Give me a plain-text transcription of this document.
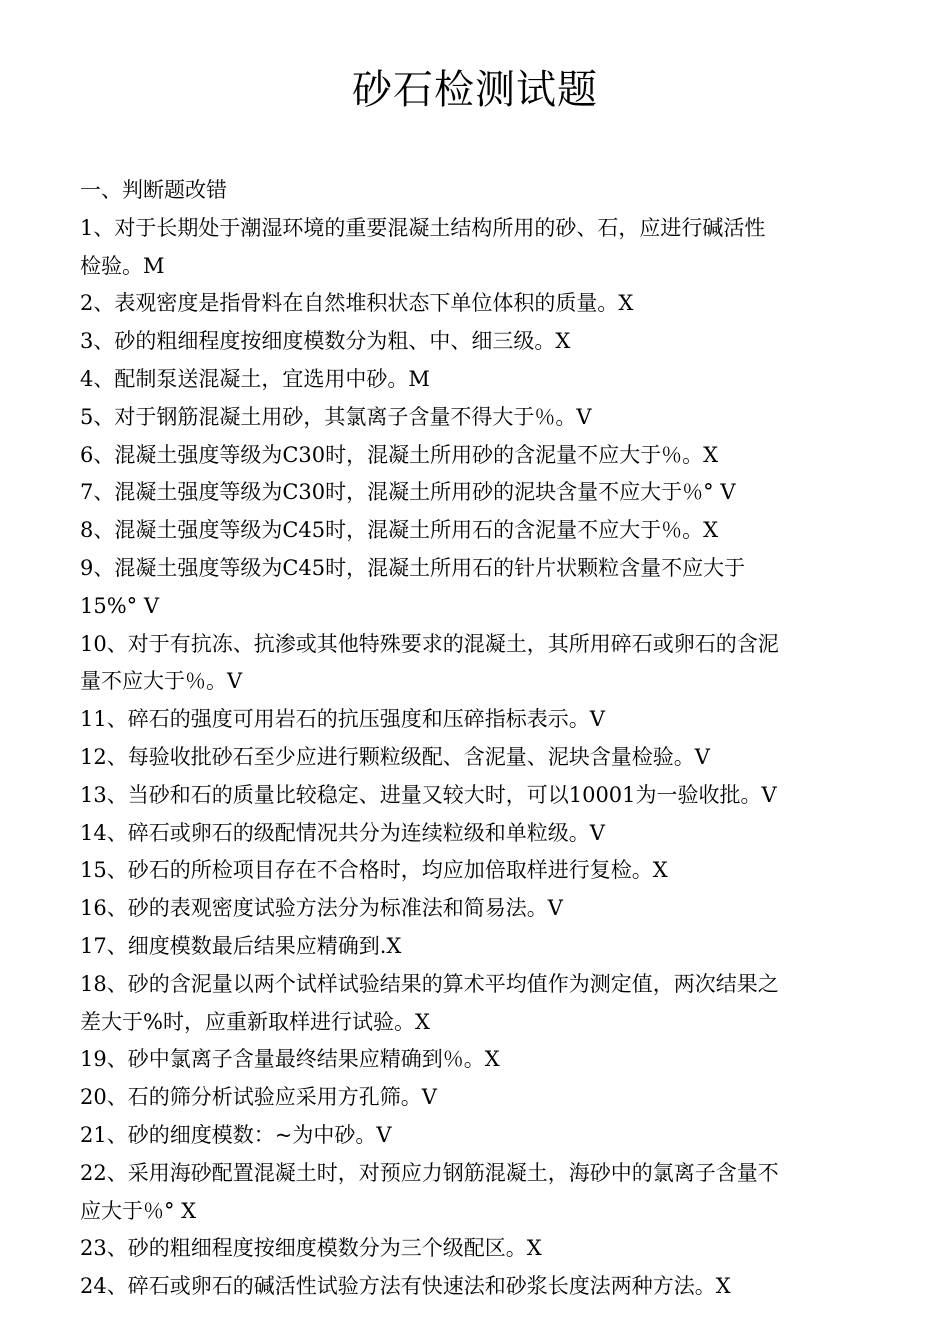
砂石检测试题
一、判断题改错
1、对于长期处于潮湿环境的重要混凝土结构所用的砂、石，应进行碱活性
检验。M
2、表观密度是指骨料在自然堆积状态下单位体积的质量。X
3、砂的粗细程度按细度模数分为粗、中、细三级。X
4、配制泵送混凝土，宜选用中砂。M
5、对于钢筋混凝土用砂，其氯离子含量不得大于％。V
6、混凝土强度等级为C30时，混凝土所用砂的含泥量不应大于％。X
7、混凝土强度等级为C30时，混凝土所用砂的泥块含量不应大于％° V
8、混凝土强度等级为C45时，混凝土所用石的含泥量不应大于％。X
9、混凝土强度等级为C45时，混凝土所用石的针片状颗粒含量不应大于
15%° V
10、对于有抗冻、抗渗或其他特殊要求的混凝土，其所用碎石或卵石的含泥
量不应大于％。V
11、碎石的强度可用岩石的抗压强度和压碎指标表示。V
12、每验收批砂石至少应进行颗粒级配、含泥量、泥块含量检验。V
13、当砂和石的质量比较稳定、进量又较大时，可以10001为一验收批。V
14、碎石或卵石的级配情况共分为连续粒级和单粒级。V
15、砂石的所检项目存在不合格时，均应加倍取样进行复检。X
16、砂的表观密度试验方法分为标准法和简易法。V
17、细度模数最后结果应精确到.X
18、砂的含泥量以两个试样试验结果的算术平均值作为测定值，两次结果之
差大于%时，应重新取样进行试验。X
19、砂中氯离子含量最终结果应精确到％。X
20、石的筛分析试验应采用方孔筛。V
21、砂的细度模数：~为中砂。V
22、采用海砂配置混凝土时，对预应力钢筋混凝土，海砂中的氯离子含量不
应大于％° X
23、砂的粗细程度按细度模数分为三个级配区。X
24、碎石或卵石的碱活性试验方法有快速法和砂浆长度法两种方法。X
